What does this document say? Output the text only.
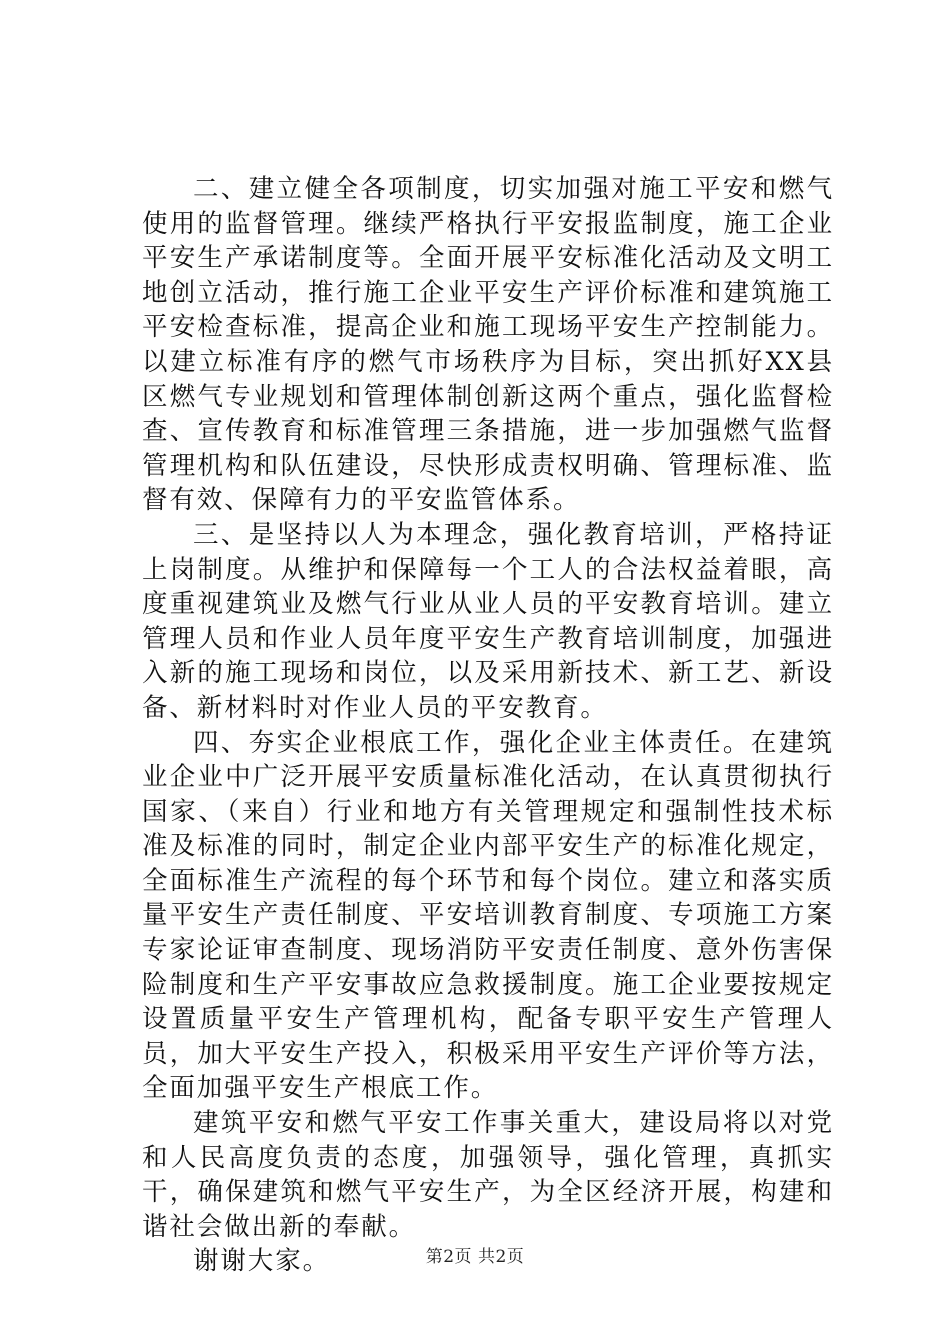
二、建立健全各项制度，切实加强对施工平安和燃气使用的监督管理。继续严格执行平安报监制度，施工企业平安生产承诺制度等。全面开展平安标准化活动及文明工地创立活动，推行施工企业平安生产评价标准和建筑施工平安检查标准，提高企业和施工现场平安生产控制能力。以建立标准有序的燃气市场秩序为目标，突出抓好XX县区燃气专业规划和管理体制创新这两个重点，强化监督检查、宣传教育和标准管理三条措施，进一步加强燃气监督管理机构和队伍建设，尽快形成责权明确、管理标准、监督有效、保障有力的平安监管体系。

三、是坚持以人为本理念，强化教育培训，严格持证上岗制度。从维护和保障每一个工人的合法权益着眼，高度重视建筑业及燃气行业从业人员的平安教育培训。建立管理人员和作业人员年度平安生产教育培训制度，加强进入新的施工现场和岗位，以及采用新技术、新工艺、新设备、新材料时对作业人员的平安教育。

四、夯实企业根底工作，强化企业主体责任。在建筑业企业中广泛开展平安质量标准化活动，在认真贯彻执行国家、（来自）行业和地方有关管理规定和强制性技术标准及标准的同时，制定企业内部平安生产的标准化规定，全面标准生产流程的每个环节和每个岗位。建立和落实质量平安生产责任制度、平安培训教育制度、专项施工方案专家论证审查制度、现场消防平安责任制度、意外伤害保险制度和生产平安事故应急救援制度。施工企业要按规定设置质量平安生产管理机构，配备专职平安生产管理人员，加大平安生产投入，积极采用平安生产评价等方法，全面加强平安生产根底工作。

建筑平安和燃气平安工作事关重大，建设局将以对党和人民高度负责的态度，加强领导，强化管理，真抓实干，确保建筑和燃气平安生产，为全区经济开展，构建和谐社会做出新的奉献。

谢谢大家。	第2页 共2页
